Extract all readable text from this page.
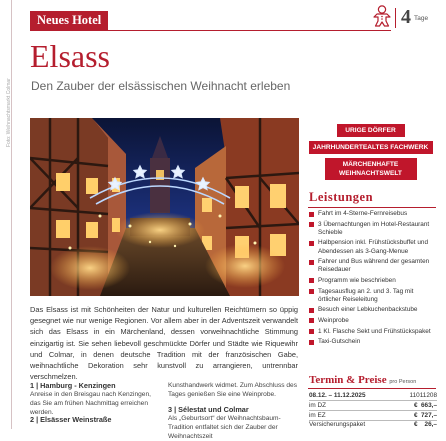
Neues Hotel	4 Tage
Elsass
Den Zauber der elsässischen Weihnacht erleben
Foto: Weihnachtsmarkt Colmar

Das Elsass ist mit Schönheiten der Natur und kulturellen Reichtümern so üppig gesegnet wie nur wenige Regionen. Vor allem aber in der Adventszeit verwandelt sich das Elsass in ein Märchenland, dessen vorweihnachtliche Stimmung einzigartig ist. Sie sehen liebevoll geschmückte Dörfer und Städte wie Riquewihr und Colmar, in denen deutsche Tradition mit der französischen Gabe, weihnachtliche Dekoration sehr kunstvoll zu arrangieren, untrennbar verschmelzen.

1 | Hamburg - Kenzingen

Anreise in den Breisgau nach Kenzingen, das Sie am frühen Nachmittag erreichen werden.

2 | Elsässer Weinstraße

Kunsthandwerk widmet. Zum Abschluss des Tages genießen Sie eine Weinprobe.

3 | Sélestat und Colmar

Als „Geburtsort“ der Weihnachtsbaum-Tradition entfaltet sich der Zauber der Weihnachtszeit

URIGE DÖRFER
JAHRHUNDERTEALTES FACHWERK
MÄRCHENHAFTE WEIHNACHTSWELT
Leistungen
Fahrt im 4-Sterne-Fernreisebus
3 Übernachtungen im Hotel-Restaurant Schieble
Halbpension inkl. Frühstücksbuffet und Abendessen als 3-Gang-Menue
Fahrer und Bus während der gesamten Reisedauer
Programm wie beschrieben
Tagesausflug an 2. und 3. Tag mit örtlicher Reiseleitung
Besuch einer Lebkuchenbackstube
Weinprobe
1 Kl. Flasche Sekt und Frühstückspaket
Taxi-Gutschein
Termin & Preise pro Person
08.12. – 11.12.2025	11011208
im DZ	€ 663,–
im EZ	€ 727,–
Versicherungspaket	€ 26,–
